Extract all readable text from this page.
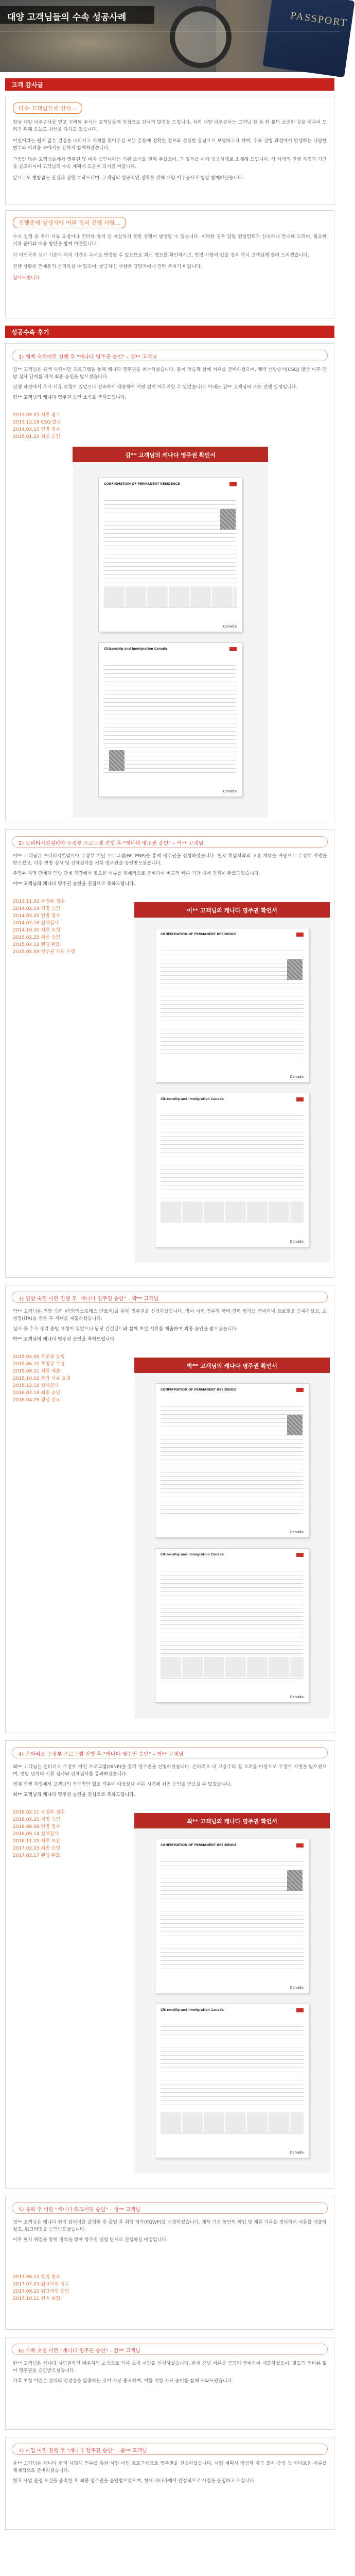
PASSPORT
대양 고객님들의 수속 성공사례
고객 감사글
다수 고객님들께 감사...

항상 대양 이주공사를 믿고 신뢰해 주시는 고객님들께 진심으로 감사의 말씀을 드립니다. 저희 대양 이주공사는 고객님 한 분 한 분의 소중한 꿈을 이루어 드리기 위해 오늘도 최선을 다하고 있습니다.

이민이라는 쉽지 않은 결정을 내리시고 저희를 찾아주신 모든 분들께 정확한 정보와 성실한 상담으로 보답하고자 하며, 수속 진행 과정에서 발생하는 다양한 변수와 어려움 속에서도 끝까지 함께하겠습니다.

그동안 많은 고객님들께서 영주권 및 비자 승인이라는 기쁜 소식을 전해 주셨으며, 그 결과를 아래 성공사례로 소개해 드립니다. 각 사례의 진행 과정과 기간을 참고하시어 고객님의 수속 계획에 도움이 되시길 바랍니다.

앞으로도 변함없는 관심과 성원 부탁드리며, 고객님의 성공적인 정착을 위해 대양 이주공사가 항상 함께하겠습니다.

진행중에 발생시에 여부 정리 진행 사항...

수속 진행 중 추가 서류 요청이나 인터뷰 통지 등 예상하지 못한 상황이 발생할 수 있습니다. 이러한 경우 담당 컨설턴트가 신속하게 안내해 드리며, 필요한 서류 준비와 대응 방안을 함께 마련합니다.

각 이민국의 심사 기준과 처리 기간은 수시로 변경될 수 있으므로 최신 정보를 확인하시고, 변경 사항이 있을 경우 즉시 고객님께 알려 드리겠습니다.

진행 상황은 언제든지 문의하실 수 있으며, 궁금하신 사항은 담당자에게 연락 주시기 바랍니다.

감사드립니다

성공수속 후기
1) 퀘벡 숙련이민 진행 후 "캐나다 영주권 승인" – 김** 고객님

김** 고객님은 퀘벡 숙련이민 프로그램을 통해 캐나다 영주권을 취득하셨습니다. 불어 학습과 함께 서류를 준비하셨으며, 퀘벡 선발증서(CSQ) 발급 이후 연방 심사 단계를 거쳐 최종 승인을 받으셨습니다.

진행 과정에서 추가 서류 요청이 있었으나 신속하게 대응하여 지연 없이 마무리할 수 있었습니다. 아래는 김** 고객님의 주요 진행 일정입니다.

김** 고객님의 캐나다 영주권 승인 소식을 축하드립니다.

2013.09.05 서류 접수
2013.12.18 CSQ 발급
2014.03.10 연방 접수
2015.01.22 최종 승인
김** 고객님의 캐나다 영주권 확인서
CONFIRMATION OF PERMANENT RESIDENCE
Canada
Citizenship and Immigration Canada
Canada
2) 브리티시컬럼비아 주정부 프로그램 진행 후 "캐나다 영주권 승인" – 이** 고객님

이** 고객님은 브리티시컬럼비아 주정부 이민 프로그램(BC PNP)을 통해 영주권을 신청하셨습니다. 현지 취업처와의 고용 계약을 바탕으로 주정부 지명을 받으셨고, 이후 연방 심사 및 신체검사를 거쳐 영주권을 승인받으셨습니다.

주정부 지명 단계와 연방 단계 각각에서 필요한 서류를 체계적으로 준비하여 비교적 빠른 기간 내에 진행이 완료되었습니다.

이** 고객님의 캐나다 영주권 승인을 진심으로 축하드립니다.

2013.11.02 주정부 접수
2014.02.14 지명 승인
2014.03.05 연방 접수
2014.07.18 신체검사
2014.10.30 서류 요청
2015.02.25 최종 승인
2015.04.12 랜딩 완료
2015.05.09 영주권 카드 수령
이** 고객님의 캐나다 영주권 확인서
CONFIRMATION OF PERMANENT RESIDENCE
Canada
Citizenship and Immigration Canada
Canada
3) 연방 숙련 이민 진행 후 "캐나다 영주권 승인" – 박** 고객님

박** 고객님은 연방 숙련 이민(익스프레스 엔트리)을 통해 영주권을 신청하셨습니다. 영어 시험 점수와 학력·경력 평가를 준비하여 프로필을 등록하셨고, 초청장(ITA)을 받은 후 서류를 제출하셨습니다.

심사 중 추가 경력 증빙 요청이 있었으나 담당 컨설턴트와 함께 보완 서류를 제출하여 최종 승인을 받으셨습니다.

박** 고객님의 캐나다 영주권 승인을 축하드립니다.

2015.04.06 프로필 등록
2015.06.10 초청장 수령
2015.08.21 서류 제출
2015.10.02 추가 서류 요청
2015.12.15 신체검사
2016.03.18 최종 승인
2016.04.29 랜딩 완료
박** 고객님의 캐나다 영주권 확인서
CONFIRMATION OF PERMANENT RESIDENCE
Canada
Citizenship and Immigration Canada
Canada
4) 온타리오 주정부 프로그램 진행 후 "캐나다 영주권 승인" – 최** 고객님

최** 고객님은 온타리오 주정부 이민 프로그램(OINP)을 통해 영주권을 신청하셨습니다. 온타리오 내 고용주의 잡 오퍼를 바탕으로 주정부 지명을 받으셨으며, 연방 단계의 서류 심사와 신체검사를 통과하셨습니다.

전체 진행 과정에서 고객님의 적극적인 협조 덕분에 예상보다 이른 시기에 최종 승인을 받으실 수 있었습니다.

최** 고객님의 캐나다 영주권 승인을 진심으로 축하드립니다.

2016.02.11 주정부 접수
2016.05.20 지명 승인
2016.06.08 연방 접수
2016.09.14 신체검사
2016.11.25 서류 보완
2017.02.03 최종 승인
2017.03.17 랜딩 완료
최** 고객님의 캐나다 영주권 확인서
CONFIRMATION OF PERMANENT RESIDENCE
Canada
Citizenship and Immigration Canada
Canada
5) 유학 후 이민 "캐나다 워크퍼밋 승인" – 정** 고객님

정** 고객님은 캐나다 현지 칼리지를 졸업한 후 졸업 후 취업 허가(PGWP)를 신청하셨습니다. 재학 기간 동안의 학업 및 체류 기록을 정리하여 서류를 제출하셨고, 워크퍼밋을 승인받으셨습니다.

이후 현지 취업을 통해 경력을 쌓아 영주권 신청 단계로 진행하실 예정입니다.

2017.06.15 학업 종료
2017.07.03 워크퍼밋 접수
2017.09.22 워크퍼밋 승인
2017.10.11 현지 취업
6) 가족 초청 이민 "캐나다 영주권 승인" – 한** 고객님

한** 고객님은 캐나다 시민권자인 배우자의 초청으로 가족 초청 이민을 신청하셨습니다. 관계 증빙 서류를 꼼꼼히 준비하여 제출하셨으며, 별도의 인터뷰 없이 영주권을 승인받으셨습니다.

가족 초청 이민은 관계의 진정성을 입증하는 것이 가장 중요하며, 이를 위한 자료 준비를 함께 도와드렸습니다.

7) 사업 이민 진행 후 "캐나다 영주권 승인" – 윤** 고객님

윤** 고객님은 캐나다 현지 사업체 인수를 통한 사업 이민 프로그램으로 영주권을 신청하셨습니다. 사업 계획서 작성과 자금 출처 증빙 등 까다로운 서류를 체계적으로 준비하셨습니다.

현지 사업 운영 요건을 충족한 후 최종 영주권을 승인받으셨으며, 현재 캐나다에서 안정적으로 사업을 운영하고 계십니다.
